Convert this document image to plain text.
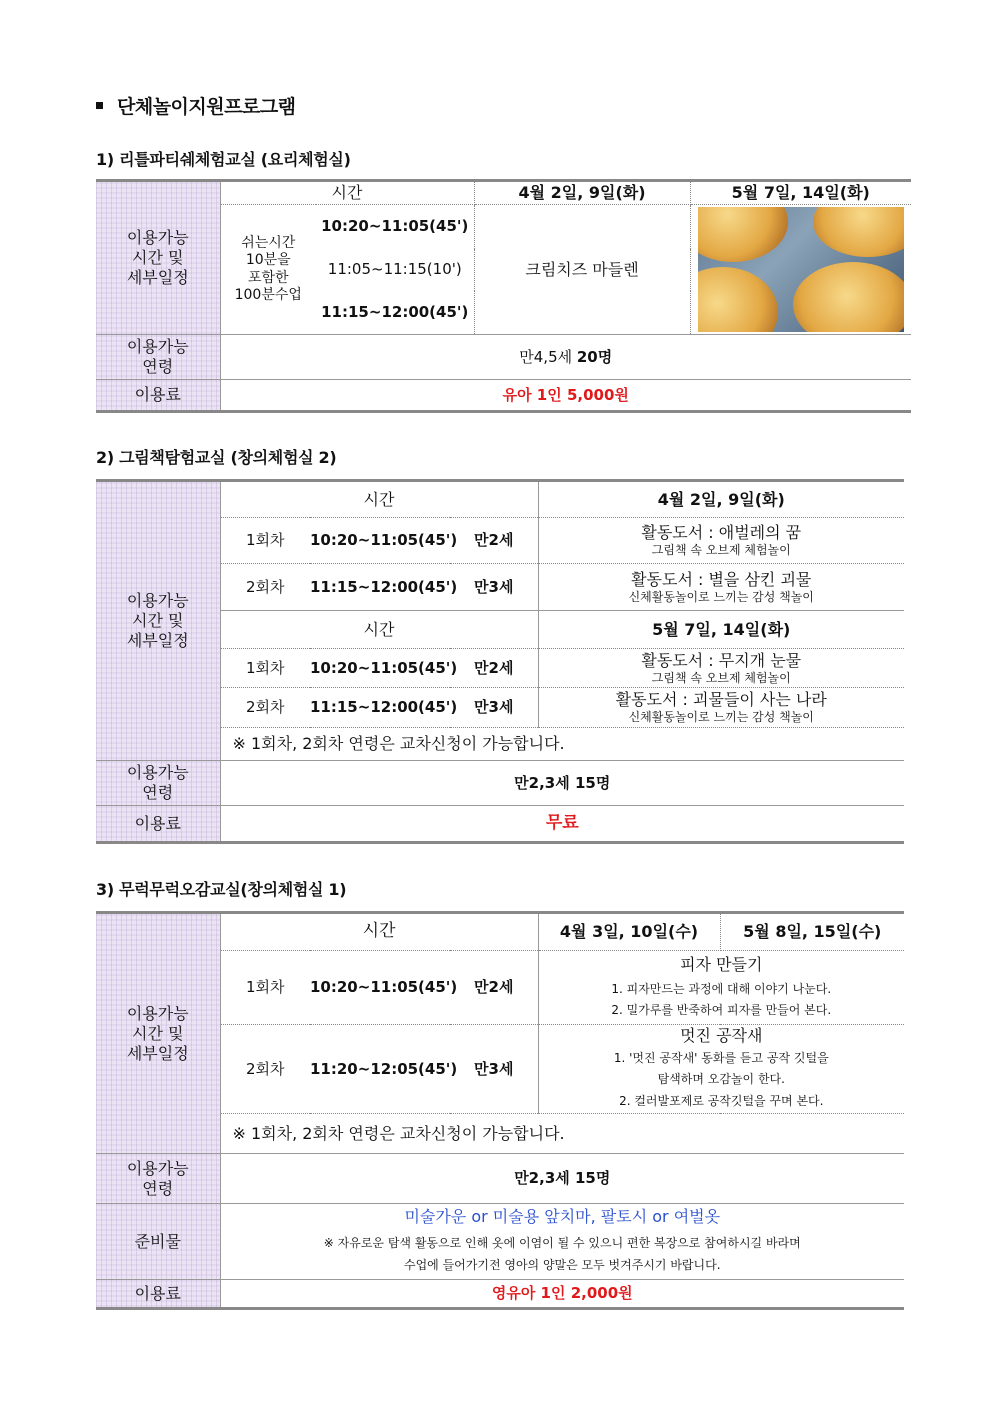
단체놀이지원프로그램
1) 리틀파티쉐체험교실 (요리체험실)
이용가능
시간 및
세부일정	시간		4월 2일, 9일(화)	5월 7일, 14일(화)
	쉬는시간
10분을
포함한
100분수업	10:20~11:05(45')	크림치즈 마들렌	

		11:05~11:15(10')		
		11:15~12:00(45')		
이용가능
연령	만4,5세 20명			
이용료	유아 1인 5,000원			
2) 그림책탐험교실 (창의체험실 2)
이용가능
시간 및
세부일정	시간			4월 2일, 9일(화)
	1회차	10:20~11:05(45')	만2세	활동도서 : 애벌레의 꿈
그림책 속 오브제 체험놀이

	2회차	11:15~12:00(45')	만3세	활동도서 : 별을 삼킨 괴물
신체활동놀이로 느끼는 감성 책놀이

	시간			5월 7일, 14일(화)
	1회차	10:20~11:05(45')	만2세	활동도서 : 무지개 눈물
그림책 속 오브제 체험놀이

	2회차	11:15~12:00(45')	만3세	활동도서 : 괴물들이 사는 나라
신체활동놀이로 느끼는 감성 책놀이

	※ 1회차, 2회차 연령은 교차신청이 가능합니다.			
이용가능
연령	만2,3세 15명			
이용료	무료			
3) 무럭무럭오감교실(창의체험실 1)
이용가능
시간 및
세부일정	시간			4월 3일, 10일(수)	5월 8일, 15일(수)
	1회차	10:20~11:05(45')	만2세	피자 만들기
1. 피자만드는 과정에 대해 이야기 나눈다.
2. 밀가루를 반죽하여 피자를 만들어 본다.	

	2회차	11:20~12:05(45')	만3세	멋진 공작새
1. '멋진 공작새' 동화를 듣고 공작 깃털을
탐색하며 오감놀이 한다.
2. 컬러발포제로 공작깃털을 꾸며 본다.	

	※ 1회차, 2회차 연령은 교차신청이 가능합니다.				
이용가능
연령	만2,3세 15명				
준비물	미술가운 or 미술용 앞치마, 팔토시 or 여벌옷
※ 자유로운 탐색 활동으로 인해 옷에 이염이 될 수 있으니 편한 복장으로 참여하시길 바라며
수업에 들어가기전 영아의 양말은 모두 벗겨주시기 바랍니다.				

이용료	영유아 1인 2,000원				
